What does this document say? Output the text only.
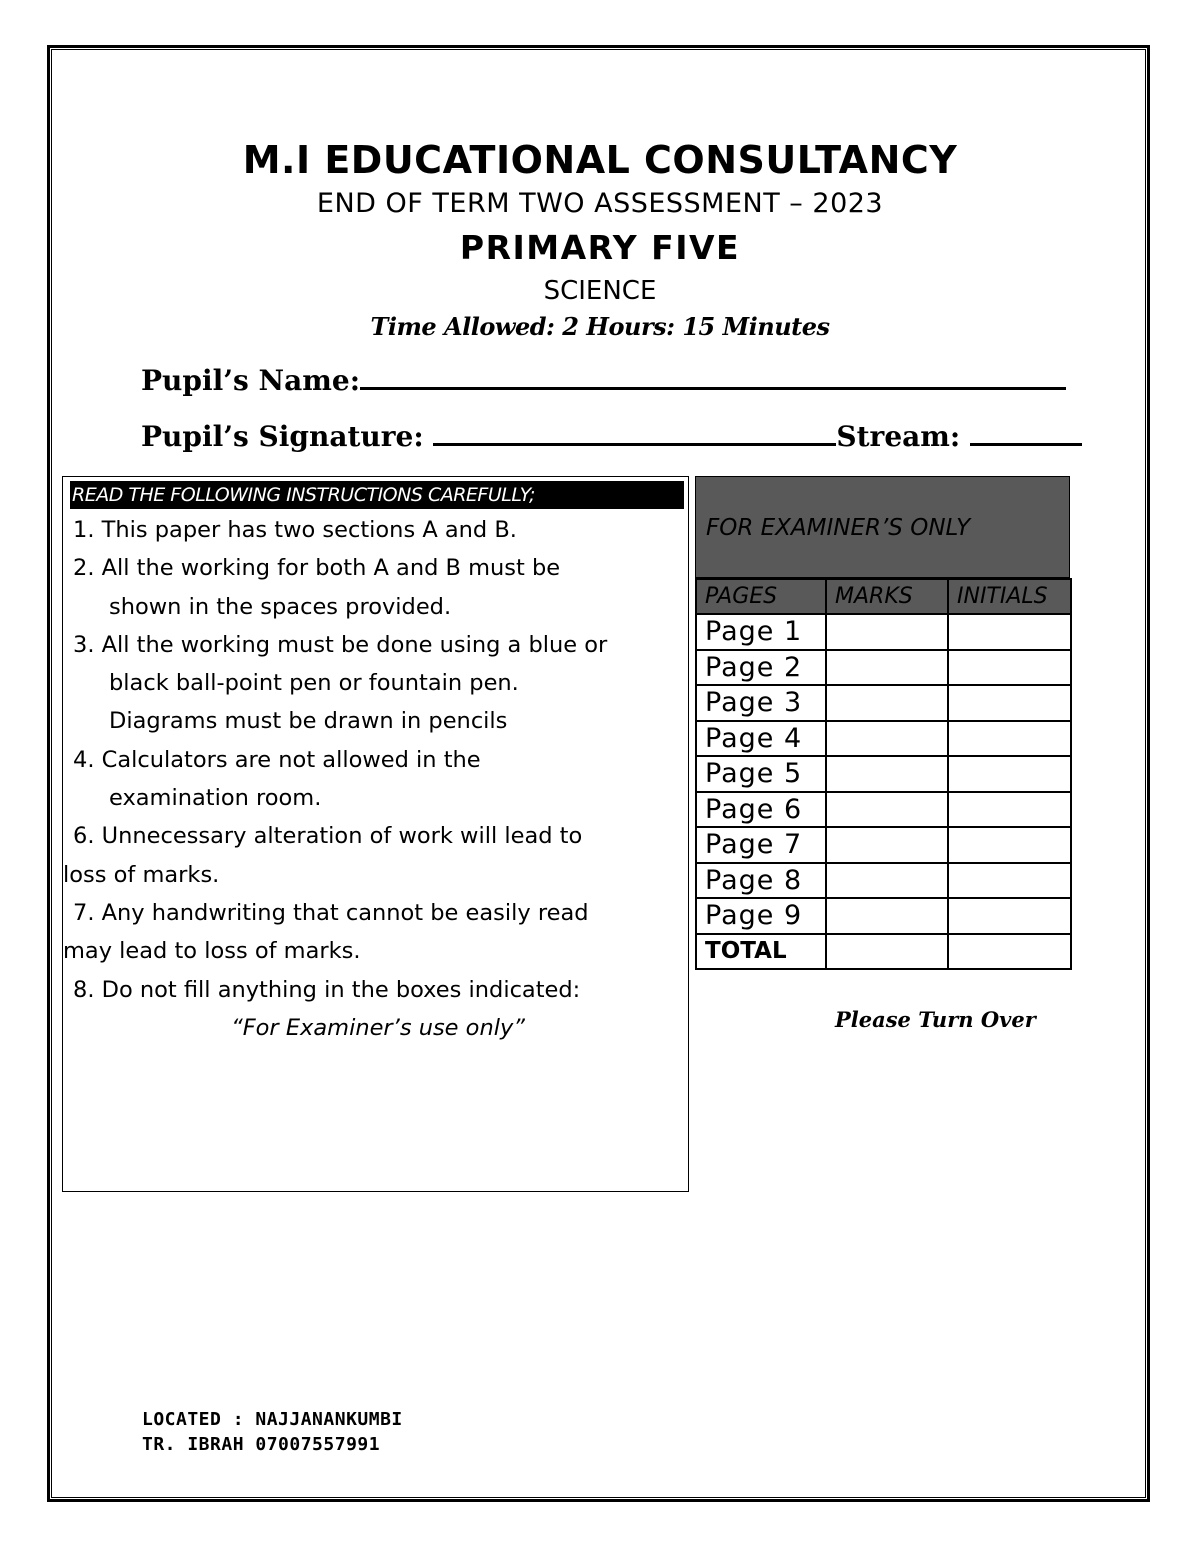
M.I EDUCATIONAL CONSULTANCY
END OF TERM TWO ASSESSMENT – 2023
PRIMARY FIVE
SCIENCE
Time Allowed: 2 Hours: 15 Minutes
Pupil’s Name:
Pupil’s Signature:	Stream:
READ THE FOLLOWING INSTRUCTIONS CAREFULLY;
1. This paper has two sections A and B.
2. All the working for both A and B must be
shown in the spaces provided.
3. All the working must be done using a blue or
black ball-point pen or fountain pen.
Diagrams must be drawn in pencils
4. Calculators are not allowed in the
examination room.
6. Unnecessary alteration of work will lead to
loss of marks.
7. Any handwriting that cannot be easily read
may lead to loss of marks.
8. Do not fill anything in the boxes indicated:
“For Examiner’s use only”
FOR EXAMINER’S ONLY
PAGES	MARKS	INITIALS
Page 1		
Page 2		
Page 3		
Page 4		
Page 5		
Page 6		
Page 7		
Page 8		
Page 9		
TOTAL		
Please Turn Over
LOCATED : NAJJANANKUMBI
TR. IBRAH 07007557991
